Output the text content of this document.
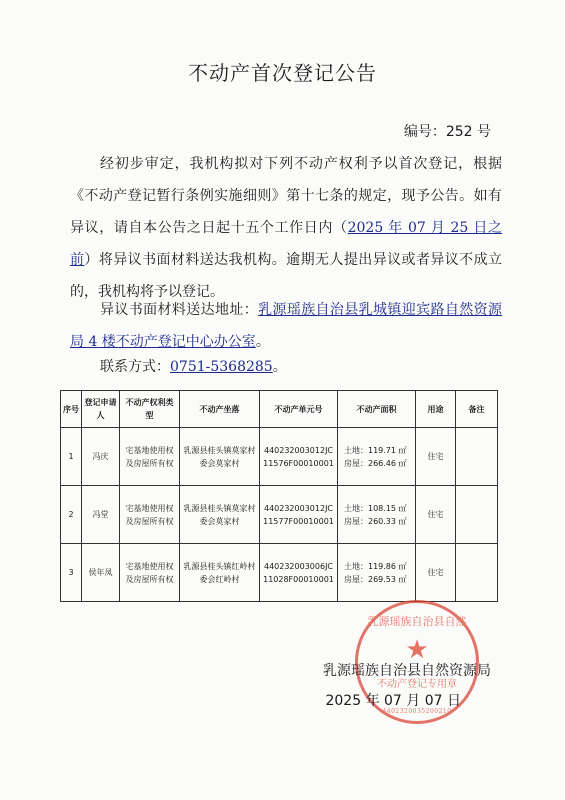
不动产首次登记公告
编号：252 号
经初步审定，我机构拟对下列不动产权利予以首次登记，根据《不动产登记暂行条例实施细则》第十七条的规定，现予公告。如有异议，请自本公告之日起十五个工作日内（2025 年 07 月 25 日之前）将异议书面材料送达我机构。逾期无人提出异议或者异议不成立的，我机构将予以登记。
异议书面材料送达地址：乳源瑶族自治县乳城镇迎宾路自然资源局 4 楼不动产登记中心办公室。
联系方式：0751-5368285。
序号	登记申请人	不动产权利类型	不动产坐落	不动产单元号	不动产面积	用途	备注
1	冯庆	宅基地使用权及房屋所有权	乳源县桂头镇莫家村委会莫家村	440232003012JC11576F00010001	土地：119.71 ㎡
房屋：266.46 ㎡	住宅	
2	冯堂	宅基地使用权及房屋所有权	乳源县桂头镇莫家村委会莫家村	440232003012JC11577F00010001	土地：108.15 ㎡
房屋：260.33 ㎡	住宅	
3	侯年凤	宅基地使用权及房屋所有权	乳源县桂头镇红岭村委会红岭村	440232003006JC11028F00010001	土地：119.86 ㎡
房屋：269.53 ㎡	住宅	
乳源瑶族自治县自然
★
不动产登记专用章
4402320035200210
乳源瑶族自治县自然资源局
2025 年 07 月 07 日
